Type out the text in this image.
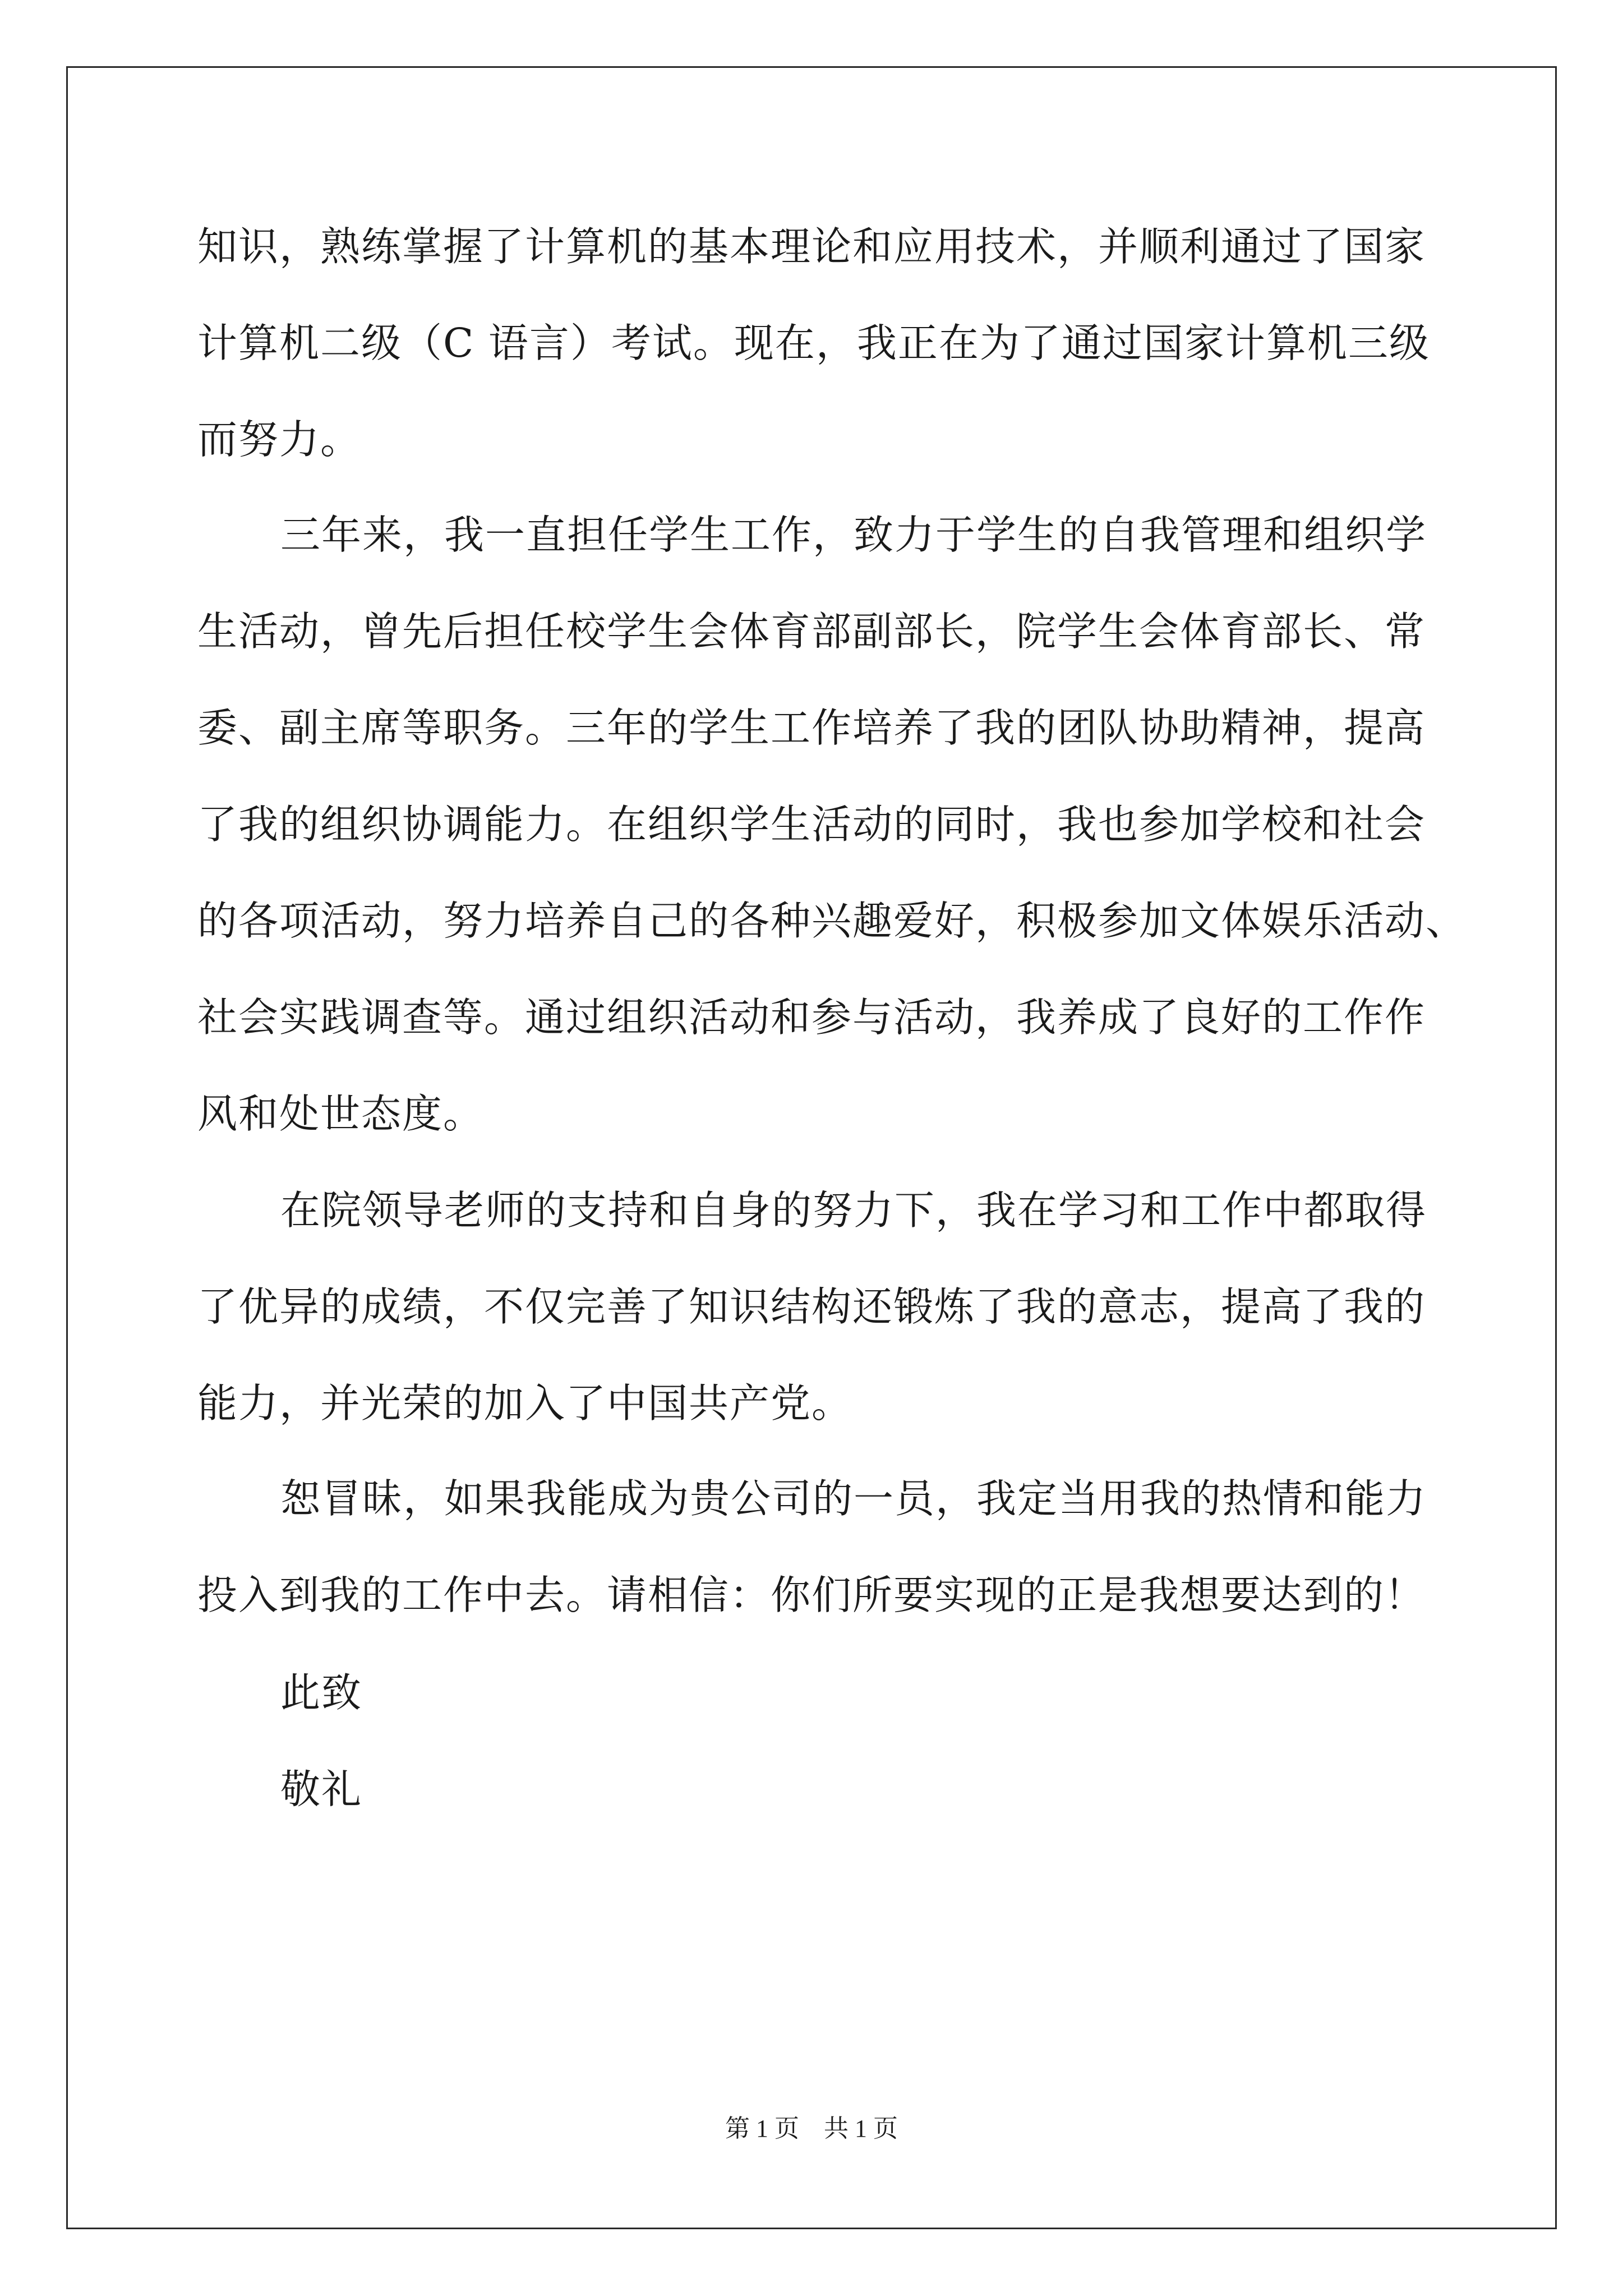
知识，熟练掌握了计算机的基本理论和应用技术，并顺利通过了国家
计算机二级（C 语言）考试。现在，我正在为了通过国家计算机三级
而努力。
三年来，我一直担任学生工作，致力于学生的自我管理和组织学
生活动，曾先后担任校学生会体育部副部长，院学生会体育部长、常
委、副主席等职务。三年的学生工作培养了我的团队协助精神，提高
了我的组织协调能力。在组织学生活动的同时，我也参加学校和社会
的各项活动，努力培养自己的各种兴趣爱好，积极参加文体娱乐活动、
社会实践调查等。通过组织活动和参与活动，我养成了良好的工作作
风和处世态度。
在院领导老师的支持和自身的努力下，我在学习和工作中都取得
了优异的成绩，不仅完善了知识结构还锻炼了我的意志，提高了我的
能力，并光荣的加入了中国共产党。
恕冒昧，如果我能成为贵公司的一员，我定当用我的热情和能力
投入到我的工作中去。请相信：你们所要实现的正是我想要达到的！
此致
敬礼
第 1 页　共 1 页
